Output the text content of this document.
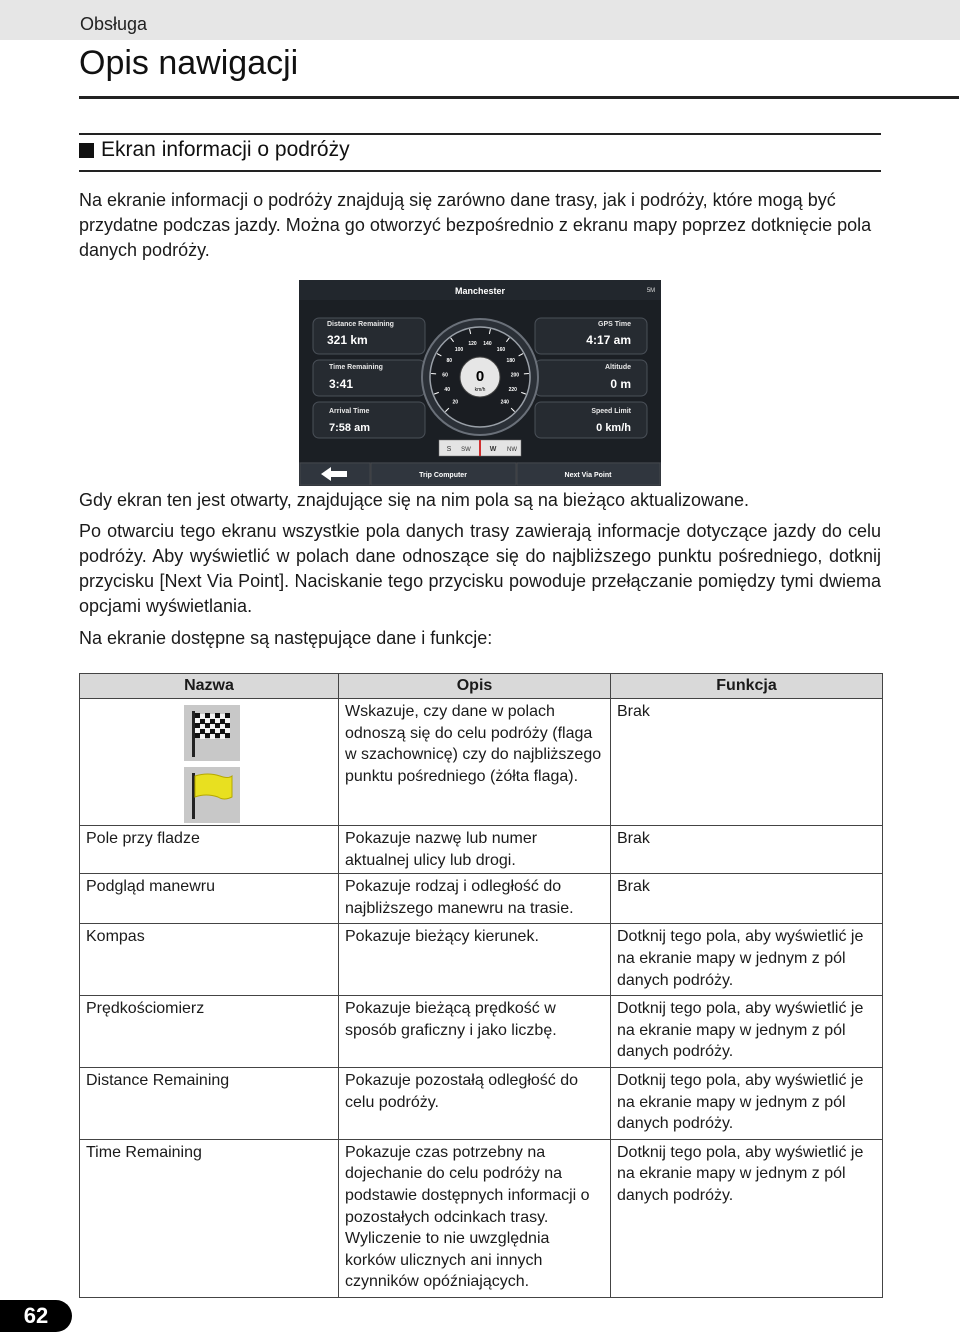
Obsługa
Opis nawigacji
Ekran informacji o podróży

Na ekranie informacji o podróży znajdują się zarówno dane trasy, jak i podróży, które mogą być przydatne podczas jazdy. Można go otworzyć bezpośrednio z ekranu mapy poprzez dotknięcie pola danych podróży.

Manchester	5M
Distance Remaining
321 km
Time Remaining
3:41
Arrival Time
7:58 am
GPS Time
4:17 am
Altitude
0 m
Speed Limit
0 km/h
20
40
60
80
100
120 140
160
180
200
220
240
0
km/h
S SW	W NW
Trip Computer	Next Via Point

Gdy ekran ten jest otwarty, znajdujące się na nim pola są na bieżąco aktualizowane.

Po otwarciu tego ekranu wszystkie pola danych trasy zawierają informacje dotyczące jazdy do celu podróży. Aby wyświetlić w polach dane odnoszące się do najbliższego punktu pośredniego, dotknij przycisku [Next Via Point]. Naciskanie tego przycisku powoduje przełączanie pomiędzy tymi dwiema opcjami wyświetlania.

Na ekranie dostępne są następujące dane i funkcje:

Nazwa	Opis	Funkcja

	Wskazuje, czy dane w polach odnoszą się do celu podróży (flaga w szachownicę) czy do najbliższego punktu pośredniego (żółta flaga).	Brak
Pole przy fladze	Pokazuje nazwę lub numer aktualnej ulicy lub drogi.	Brak
Podgląd manewru	Pokazuje rodzaj i odległość do najbliższego manewru na trasie.	Brak
Kompas	Pokazuje bieżący kierunek.	Dotknij tego pola, aby wyświetlić je na ekranie mapy w jednym z pól danych podróży.
Prędkościomierz	Pokazuje bieżącą prędkość w sposób graficzny i jako liczbę.	Dotknij tego pola, aby wyświetlić je na ekranie mapy w jednym z pól danych podróży.
Distance Remaining	Pokazuje pozostałą odległość do celu podróży.	Dotknij tego pola, aby wyświetlić je na ekranie mapy w jednym z pól danych podróży.
Time Remaining	Pokazuje czas potrzebny na dojechanie do celu podróży na podstawie dostępnych informacji o pozostałych odcinkach trasy. Wyliczenie to nie uwzględnia korków ulicznych ani innych czynników opóźniających.	Dotknij tego pola, aby wyświetlić je na ekranie mapy w jednym z pól danych podróży.
62
